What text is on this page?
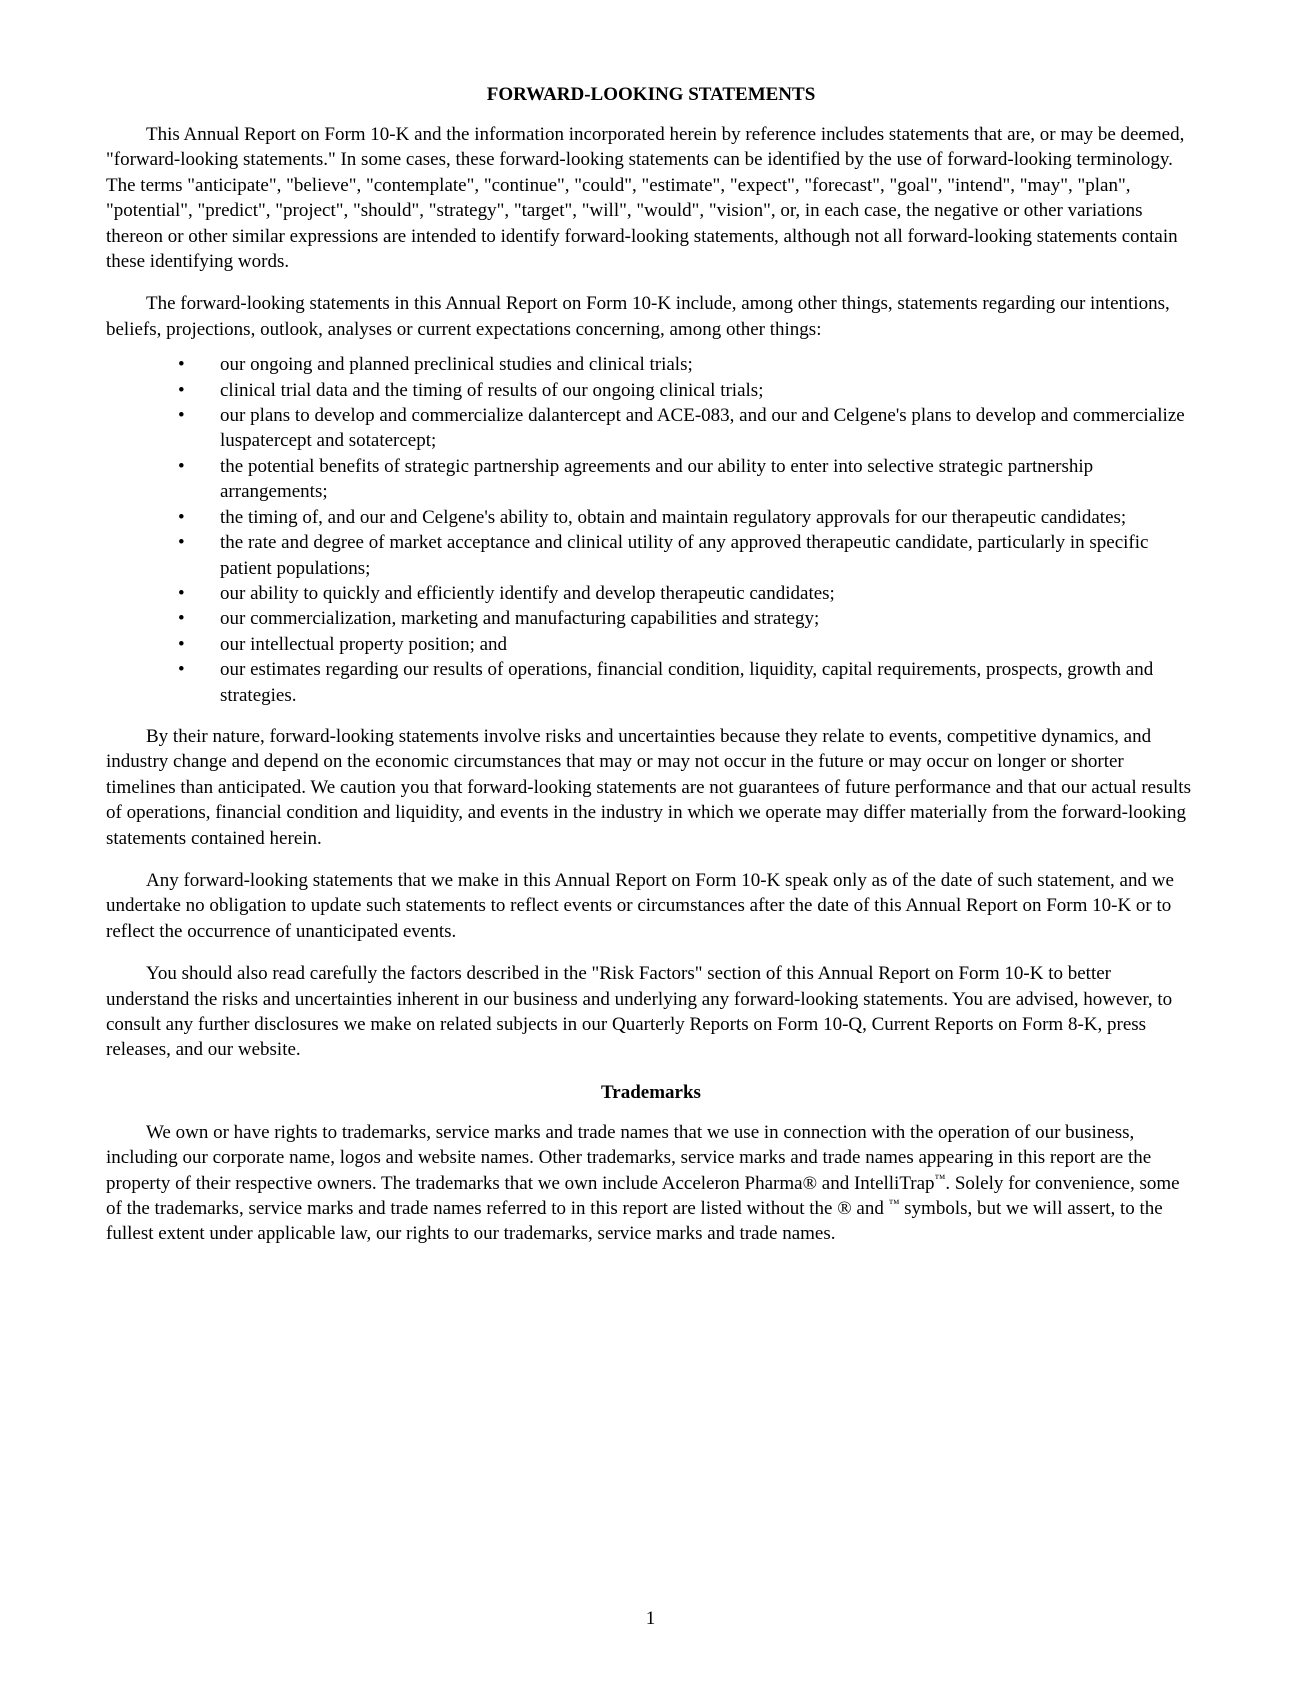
FORWARD-LOOKING STATEMENTS

This Annual Report on Form 10-K and the information incorporated herein by reference includes statements that are, or may be deemed, "forward-looking statements." In some cases, these forward-looking statements can be identified by the use of forward-looking terminology. The terms "anticipate", "believe", "contemplate", "continue", "could", "estimate", "expect", "forecast", "goal", "intend", "may", "plan", "potential", "predict", "project", "should", "strategy", "target", "will", "would", "vision", or, in each case, the negative or other variations thereon or other similar expressions are intended to identify forward-looking statements, although not all forward-looking statements contain these identifying words.

The forward-looking statements in this Annual Report on Form 10-K include, among other things, statements regarding our intentions, beliefs, projections, outlook, analyses or current expectations concerning, among other things:

• our ongoing and planned preclinical studies and clinical trials;
• clinical trial data and the timing of results of our ongoing clinical trials;
• our plans to develop and commercialize dalantercept and ACE-083, and our and Celgene's plans to develop and commercialize luspatercept and sotatercept;
• the potential benefits of strategic partnership agreements and our ability to enter into selective strategic partnership arrangements;
• the timing of, and our and Celgene's ability to, obtain and maintain regulatory approvals for our therapeutic candidates;
• the rate and degree of market acceptance and clinical utility of any approved therapeutic candidate, particularly in specific patient populations;
• our ability to quickly and efficiently identify and develop therapeutic candidates;
• our commercialization, marketing and manufacturing capabilities and strategy;
• our intellectual property position; and
• our estimates regarding our results of operations, financial condition, liquidity, capital requirements, prospects, growth and strategies.

By their nature, forward-looking statements involve risks and uncertainties because they relate to events, competitive dynamics, and industry change and depend on the economic circumstances that may or may not occur in the future or may occur on longer or shorter timelines than anticipated. We caution you that forward-looking statements are not guarantees of future performance and that our actual results of operations, financial condition and liquidity, and events in the industry in which we operate may differ materially from the forward-looking statements contained herein.

Any forward-looking statements that we make in this Annual Report on Form 10-K speak only as of the date of such statement, and we undertake no obligation to update such statements to reflect events or circumstances after the date of this Annual Report on Form 10-K or to reflect the occurrence of unanticipated events.

You should also read carefully the factors described in the "Risk Factors" section of this Annual Report on Form 10-K to better understand the risks and uncertainties inherent in our business and underlying any forward-looking statements. You are advised, however, to consult any further disclosures we make on related subjects in our Quarterly Reports on Form 10-Q, Current Reports on Form 8-K, press releases, and our website.

Trademarks

We own or have rights to trademarks, service marks and trade names that we use in connection with the operation of our business, including our corporate name, logos and website names. Other trademarks, service marks and trade names appearing in this report are the property of their respective owners. The trademarks that we own include Acceleron Pharma® and IntelliTrap™. Solely for convenience, some of the trademarks, service marks and trade names referred to in this report are listed without the ® and ™ symbols, but we will assert, to the fullest extent under applicable law, our rights to our trademarks, service marks and trade names.

1
